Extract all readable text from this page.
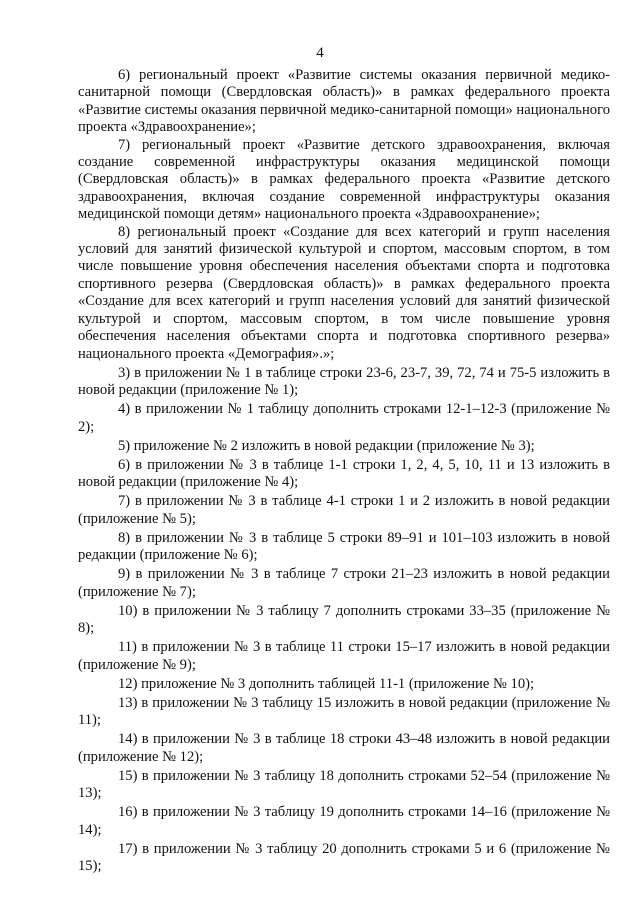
4

6) региональный проект «Развитие системы оказания первичной медико-санитарной помощи (Свердловская область)» в рамках федерального проекта «Развитие системы оказания первичной медико-санитарной помощи» национального проекта «Здравоохранение»;

7) региональный проект «Развитие детского здравоохранения, включая создание современной инфраструктуры оказания медицинской помощи (Свердловская область)» в рамках федерального проекта «Развитие детского здравоохранения, включая создание современной инфраструктуры оказания медицинской помощи детям» национального проекта «Здравоохранение»;

8) региональный проект «Создание для всех категорий и групп населения условий для занятий физической культурой и спортом, массовым спортом, в том числе повышение уровня обеспечения населения объектами спорта и подготовка спортивного резерва (Свердловская область)» в рамках федерального проекта «Создание для всех категорий и групп населения условий для занятий физической культурой и спортом, массовым спортом, в том числе повышение уровня обеспечения населения объектами спорта и подготовка спортивного резерва» национального проекта «Демография».»;

3) в приложении № 1 в таблице строки 23-6, 23-7, 39, 72, 74 и 75-5 изложить в новой редакции (приложение № 1);

4) в приложении № 1 таблицу дополнить строками 12-1–12-3 (приложение № 2);

5) приложение № 2 изложить в новой редакции (приложение № 3);

6) в приложении № 3 в таблице 1-1 строки 1, 2, 4, 5, 10, 11 и 13 изложить в новой редакции (приложение № 4);

7) в приложении № 3 в таблице 4-1 строки 1 и 2 изложить в новой редакции (приложение № 5);

8) в приложении № 3 в таблице 5 строки 89–91 и 101–103 изложить в новой редакции (приложение № 6);

9) в приложении № 3 в таблице 7 строки 21–23 изложить в новой редакции (приложение № 7);

10) в приложении № 3 таблицу 7 дополнить строками 33–35 (приложение № 8);

11) в приложении № 3 в таблице 11 строки 15–17 изложить в новой редакции (приложение № 9);

12) приложение № 3 дополнить таблицей 11-1 (приложение № 10);

13) в приложении № 3 таблицу 15 изложить в новой редакции (приложение № 11);

14) в приложении № 3 в таблице 18 строки 43–48 изложить в новой редакции (приложение № 12);

15) в приложении № 3 таблицу 18 дополнить строками 52–54 (приложение № 13);

16) в приложении № 3 таблицу 19 дополнить строками 14–16 (приложение № 14);

17) в приложении № 3 таблицу 20 дополнить строками 5 и 6 (приложение № 15);
